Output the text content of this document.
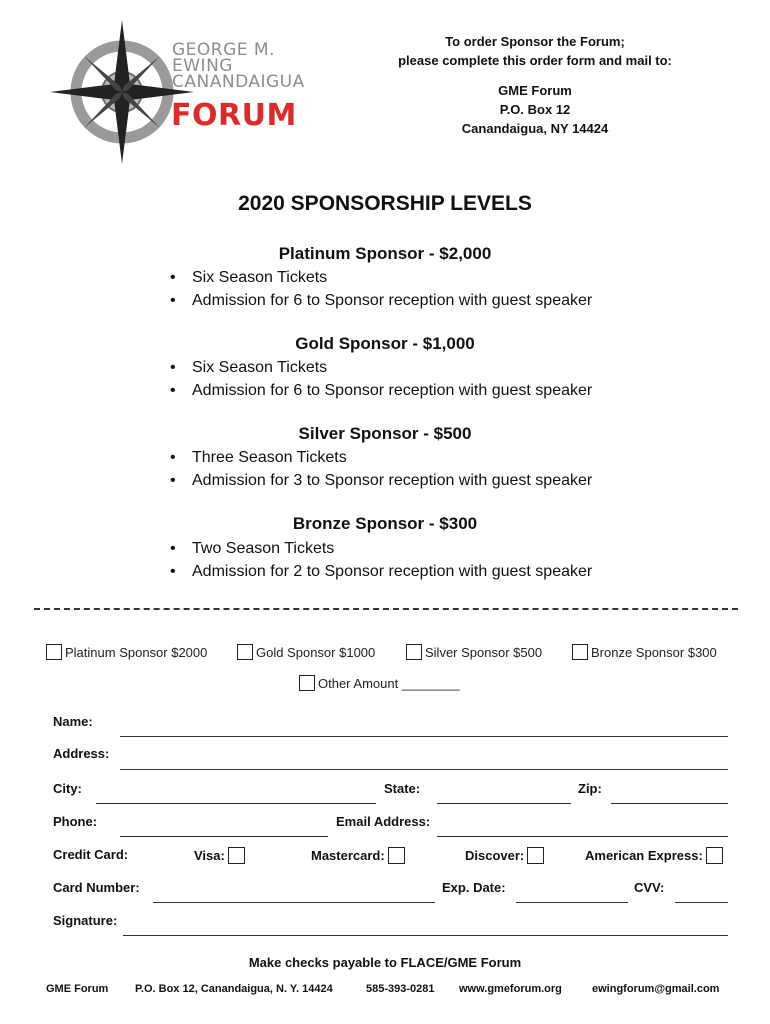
GEORGE M.
EWING
CANANDAIGUA
FORUM
To order Sponsor the Forum;
please complete this order form and mail to:
GME Forum
P.O. Box 12
Canandaigua, NY 14424
2020 SPONSORSHIP LEVELS
Platinum Sponsor - $2,000
• Six Season Tickets
• Admission for 6 to Sponsor reception with guest speaker
Gold Sponsor - $1,000
• Six Season Tickets
• Admission for 6 to Sponsor reception with guest speaker
Silver Sponsor - $500
• Three Season Tickets
• Admission for 3 to Sponsor reception with guest speaker
Bronze Sponsor - $300
• Two Season Tickets
• Admission for 2 to Sponsor reception with guest speaker
Platinum Sponsor $2000	Gold Sponsor $1000	Silver Sponsor $500	Bronze Sponsor $300
Other Amount ________
Name:
Address:
City:	State:	Zip:
Phone:	Email Address:
Credit Card:	Visa:	Mastercard:	Discover:	American Express:
Card Number:	Exp. Date:	CVV:
Signature:
Make checks payable to FLACE/GME Forum
GME Forum P.O. Box 12, Canandaigua, N. Y. 14424	585-393-0281 www.gmeforum.org	ewingforum@gmail.com
